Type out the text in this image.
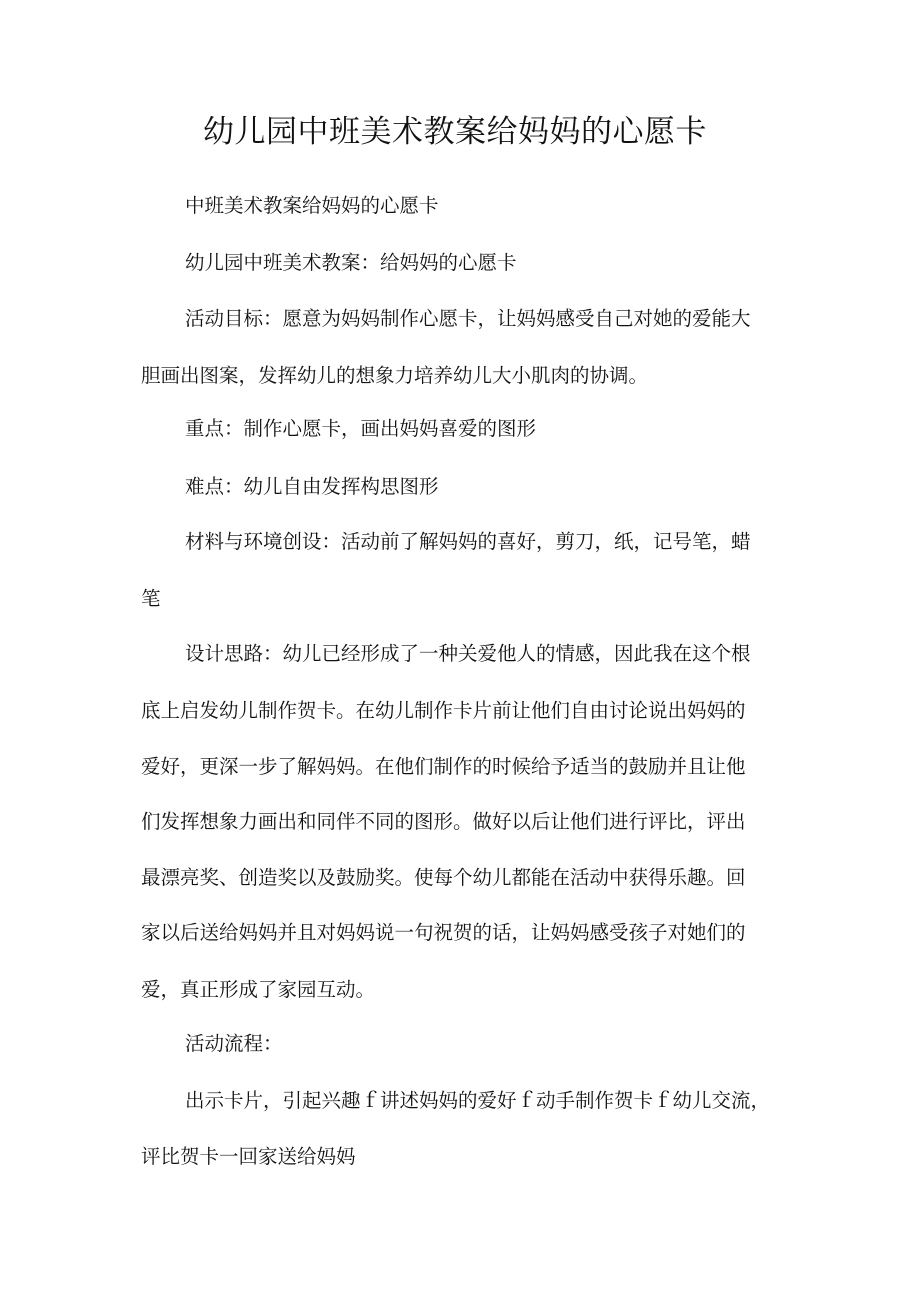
幼儿园中班美术教案给妈妈的心愿卡

中班美术教案给妈妈的心愿卡

幼儿园中班美术教案：给妈妈的心愿卡

活动目标：愿意为妈妈制作心愿卡，让妈妈感受自己对她的爱能大

胆画出图案，发挥幼儿的想象力培养幼儿大小肌肉的协调。

重点：制作心愿卡，画出妈妈喜爱的图形

难点：幼儿自由发挥构思图形

材料与环境创设：活动前了解妈妈的喜好，剪刀，纸，记号笔，蜡

笔

设计思路：幼儿已经形成了一种关爱他人的情感，因此我在这个根

底上启发幼儿制作贺卡。在幼儿制作卡片前让他们自由讨论说出妈妈的

爱好，更深一步了解妈妈。在他们制作的时候给予适当的鼓励并且让他

们发挥想象力画出和同伴不同的图形。做好以后让他们进行评比，评出

最漂亮奖、创造奖以及鼓励奖。使每个幼儿都能在活动中获得乐趣。回

家以后送给妈妈并且对妈妈说一句祝贺的话，让妈妈感受孩子对她们的

爱，真正形成了家园互动。

活动流程：

出示卡片，引起兴趣ｆ讲述妈妈的爱好ｆ动手制作贺卡ｆ幼儿交流，

评比贺卡一回家送给妈妈
